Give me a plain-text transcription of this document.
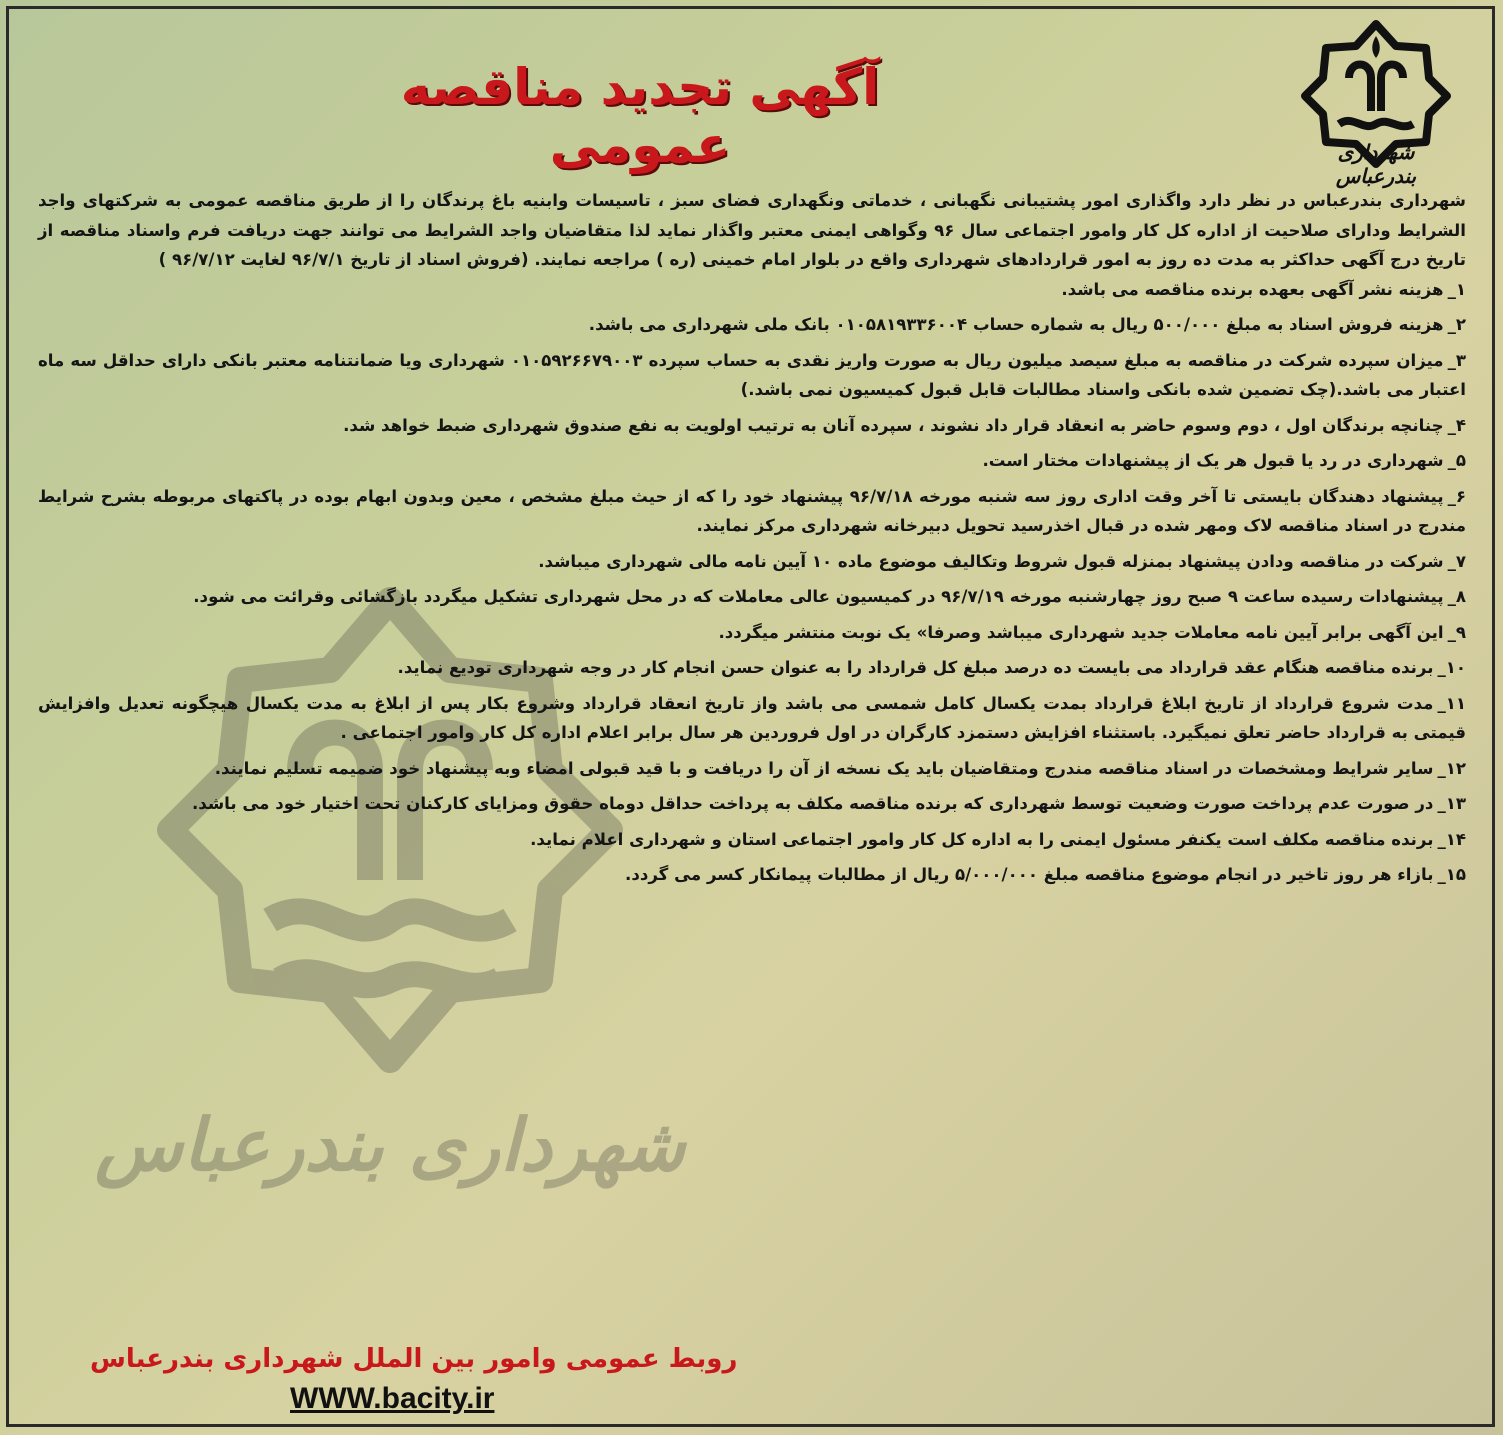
شهرداری بندرعباس
شهرداری بندرعباس
آگهی تجدید مناقصه عمومی

شهرداری بندرعباس در نظر دارد واگذاری امور پشتیبانی نگهبانی ، خدماتی ونگهداری فضای سبز ، تاسیسات وابنیه باغ پرندگان را از طریق مناقصه عمومی به شرکتهای واجد الشرایط ودارای صلاحیت از اداره کل کار وامور اجتماعی سال ۹۶ وگواهی ایمنی معتبر واگذار نماید لذا متقاضیان واجد الشرایط می توانند جهت دریافت فرم واسناد مناقصه از تاریخ درج آگهی حداکثر به مدت ده روز به امور قراردادهای شهرداری واقع در بلوار امام خمینی (ره ) مراجعه نمایند. (فروش اسناد از تاریخ ۹۶/۷/۱ لغایت ۹۶/۷/۱۲ )

۱_هزینه نشر آگهی بعهده برنده مناقصه می باشد.
۲_هزینه فروش اسناد به مبلغ ۵۰۰/۰۰۰ ریال به شماره حساب ۰۱۰۵۸۱۹۳۳۶۰۰۴ بانک ملی شهرداری می باشد.
۳_میزان سپرده شرکت در مناقصه به مبلغ سیصد میلیون ریال به صورت واریز نقدی به حساب سپرده ۰۱۰۵۹۲۶۶۷۹۰۰۳ شهرداری ویا ضمانتنامه معتبر بانکی دارای حداقل سه ماه اعتبار می باشد.(چک تضمین شده بانکی واسناد مطالبات قابل قبول کمیسیون نمی باشد.)
۴_چنانچه برندگان اول ، دوم وسوم حاضر به انعقاد قرار داد نشوند ، سپرده آنان به ترتیب اولویت به نفع صندوق شهرداری ضبط خواهد شد.
۵_شهرداری در رد یا قبول هر یک از پیشنهادات مختار است.
۶_پیشنهاد دهندگان بایستی تا آخر وقت اداری روز سه شنبه مورخه ۹۶/۷/۱۸ پیشنهاد خود را که از حیث مبلغ مشخص ، معین وبدون ابهام بوده در پاکتهای مربوطه بشرح شرایط مندرج در اسناد مناقصه لاک ومهر شده در قبال اخذرسید تحویل دبیرخانه شهرداری مرکز نمایند.
۷_شرکت در مناقصه ودادن پیشنهاد بمنزله قبول شروط وتکالیف موضوع ماده ۱۰ آیین نامه مالی شهرداری میباشد.
۸_پیشنهادات رسیده ساعت ۹ صبح روز چهارشنبه مورخه ۹۶/۷/۱۹ در کمیسیون عالی معاملات که در محل شهرداری تشکیل میگردد بازگشائی وقرائت می شود.
۹_این آگهی برابر آیین نامه معاملات جدید شهرداری میباشد وصرفا» یک نوبت منتشر میگردد.
۱۰_برنده مناقصه هنگام عقد قرارداد می بایست ده درصد مبلغ کل قرارداد را به عنوان حسن انجام کار در وجه شهرداری تودیع نماید.
۱۱_مدت شروع قرارداد از تاریخ ابلاغ قرارداد بمدت یکسال کامل شمسی می باشد واز تاریخ انعقاد قرارداد وشروع بکار پس از ابلاغ به مدت یکسال هیچگونه تعدیل وافزایش قیمتی به قرارداد حاضر تعلق نمیگیرد. باستثناء افزایش دستمزد کارگران در اول فروردین هر سال برابر اعلام اداره کل کار وامور اجتماعی .
۱۲_سایر شرایط ومشخصات در اسناد مناقصه مندرج ومتقاضیان باید یک نسخه از آن را دریافت و با قید قبولی امضاء وبه پیشنهاد خود ضمیمه تسلیم نمایند.
۱۳_در صورت عدم پرداخت صورت وضعیت توسط شهرداری که برنده مناقصه مکلف به پرداخت حداقل دوماه حقوق ومزایای کارکنان تحت اختیار خود می باشد.
۱۴_برنده مناقصه مکلف است یکنفر مسئول ایمنی را به اداره کل کار وامور اجتماعی استان و شهرداری اعلام نماید.
۱۵_بازاء هر روز تاخیر در انجام موضوع مناقصه مبلغ ۵/۰۰۰/۰۰۰ ریال از مطالبات پیمانکار کسر می گردد.
روبط عمومی وامور بین الملل شهرداری بندرعباس
WWW.bacity.ir
